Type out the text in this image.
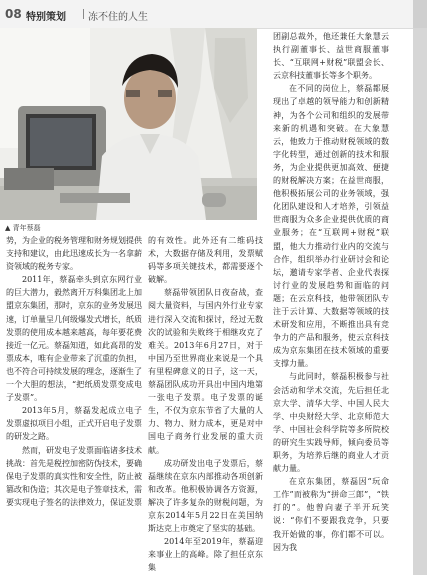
08 特别策划 冻不住的人生
▲ 青年蔡磊

势，为企业的税务管理和财务规划提供支持和建议，由此迅速成长为一名拿薪资领域的税务专家。

2011年，蔡磊牵头到京东网行业的巨大潜力，毅然离开万科集团北上加盟京东集团，那时，京东的业务发展迅速，订单量呈几何级爆发式增长，纸质发票的使用成本越来越高，每年要花费接近一亿元。蔡磊知道，如此高昂的发票成本，唯有企业带来了沉重的负担，也不符合可持续发展的理念，逐渐生了一个大胆的想法，“把纸质发票变成电子发票”。

2013年5月，蔡磊发起成立电子发票虚拟项目小组，正式开启电子发票的研发之路。

然而，研发电子发票面临诸多技术挑战：首先是税控加密防伪技术，要确保电子发票的真实性和安全性，防止被篡改和伪造；其次是电子签章技术，需要实现电子签名的法律效力，保证发票

的有效性。此外还有二维码技术，大数据存储及利用，发票赋码等多项关键技术，都需要逐个破解。

蔡磊带领团队日夜奋战，查阅大量资料，与国内外行业专家进行深入交流和探讨，经过无数次的试验和失败终于相继攻克了难关。2013年6月27日，对于中国乃至世界商业来说是一个具有里程碑意义的日子，这一天，蔡磊团队成功开具出中国内地第一张电子发票。电子发票的诞生，不仅为京东节省了大量的人力、物力、财力成本，更是对中国电子商务行业发展的重大贡献。

成功研发出电子发票后，蔡磊继续在京东内部推动各项创新和改革。他积极协调各方资源，解决了许多复杂的财税问题，为京东2014年5月22日在美国纳斯达克上市奠定了坚实的基础。

2014年至2019年，蔡磊迎来事业上的高峰。除了担任京东集

团副总裁外，他还兼任大象慧云执行副董事长、益世商服董事长、“互联网+财税”联盟会长、云京科技董事长等多个职务。

在不同的岗位上，蔡磊都展现出了卓越的领导能力和创新精神，为各个公司和组织的发展带来新的机遇和突破。在大象慧云，他致力于推动财税领域的数字化转型，通过创新的技术和服务，为企业提供更加高效、便捷的财税解决方案；在益世商服，他积极拓展公司的业务领域，强化团队建设和人才培养，引领益世商服为众多企业提供优质的商业服务；在“互联网+财税”联盟，他大力推动行业内的交流与合作，组织举办行业研讨会和论坛，邀请专家学者、企业代表探讨行业的发展趋势和面临的问题；在云京科技，他带领团队专注于云计算、大数据等领域的技术研发和应用，不断推出具有竞争力的产品和服务，使云京科技成为京东集团在技术领域的重要支撑力量。

与此同时，蔡磊积极参与社会活动和学术交流，先后担任北京大学、清华大学、中国人民大学、中央财经大学、北京师范大学、中国社会科学院等多所院校的研究生实践导师，倾向委员等职务，为培养后继的商业人才贡献力量。

在京东集团，蔡磊因“玩命工作”而被称为“拼命三郎”，“铁打的”。他曾向妻子半开玩笑说：“你们不要跟我竞争，只要我开始做的事，你们都不可以。因为我
